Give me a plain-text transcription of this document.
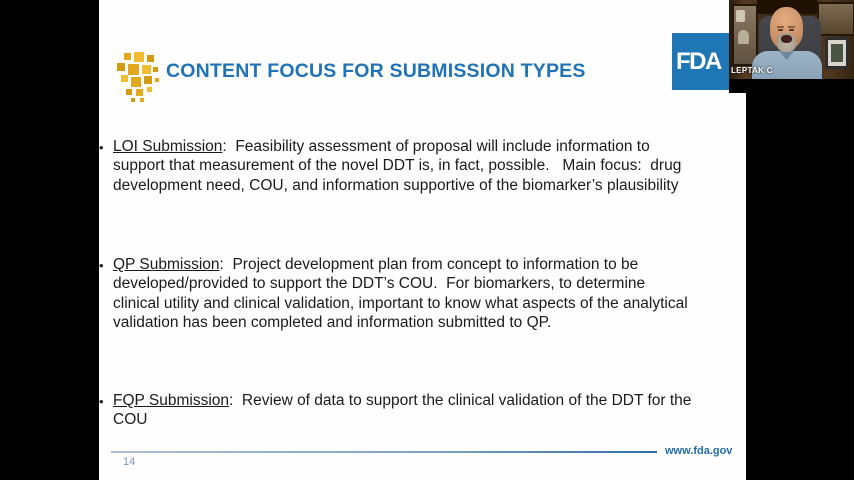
CONTENT FOCUS FOR SUBMISSION TYPES
• LOI Submission:  Feasibility assessment of proposal will include information to support that measurement of the novel DDT is, in fact, possible.   Main focus:  drug development need, COU, and information supportive of the biomarker’s plausibility
• QP Submission:  Project development plan from concept to information to be developed/provided to support the DDT’s COU.  For biomarkers, to determine clinical utility and clinical validation, important to know what aspects of the analytical validation has been completed and information submitted to QP.
• FQP Submission:  Review of data to support the clinical validation of the DDT for the COU
www.fda.gov
14
FDA LEPTAK C
